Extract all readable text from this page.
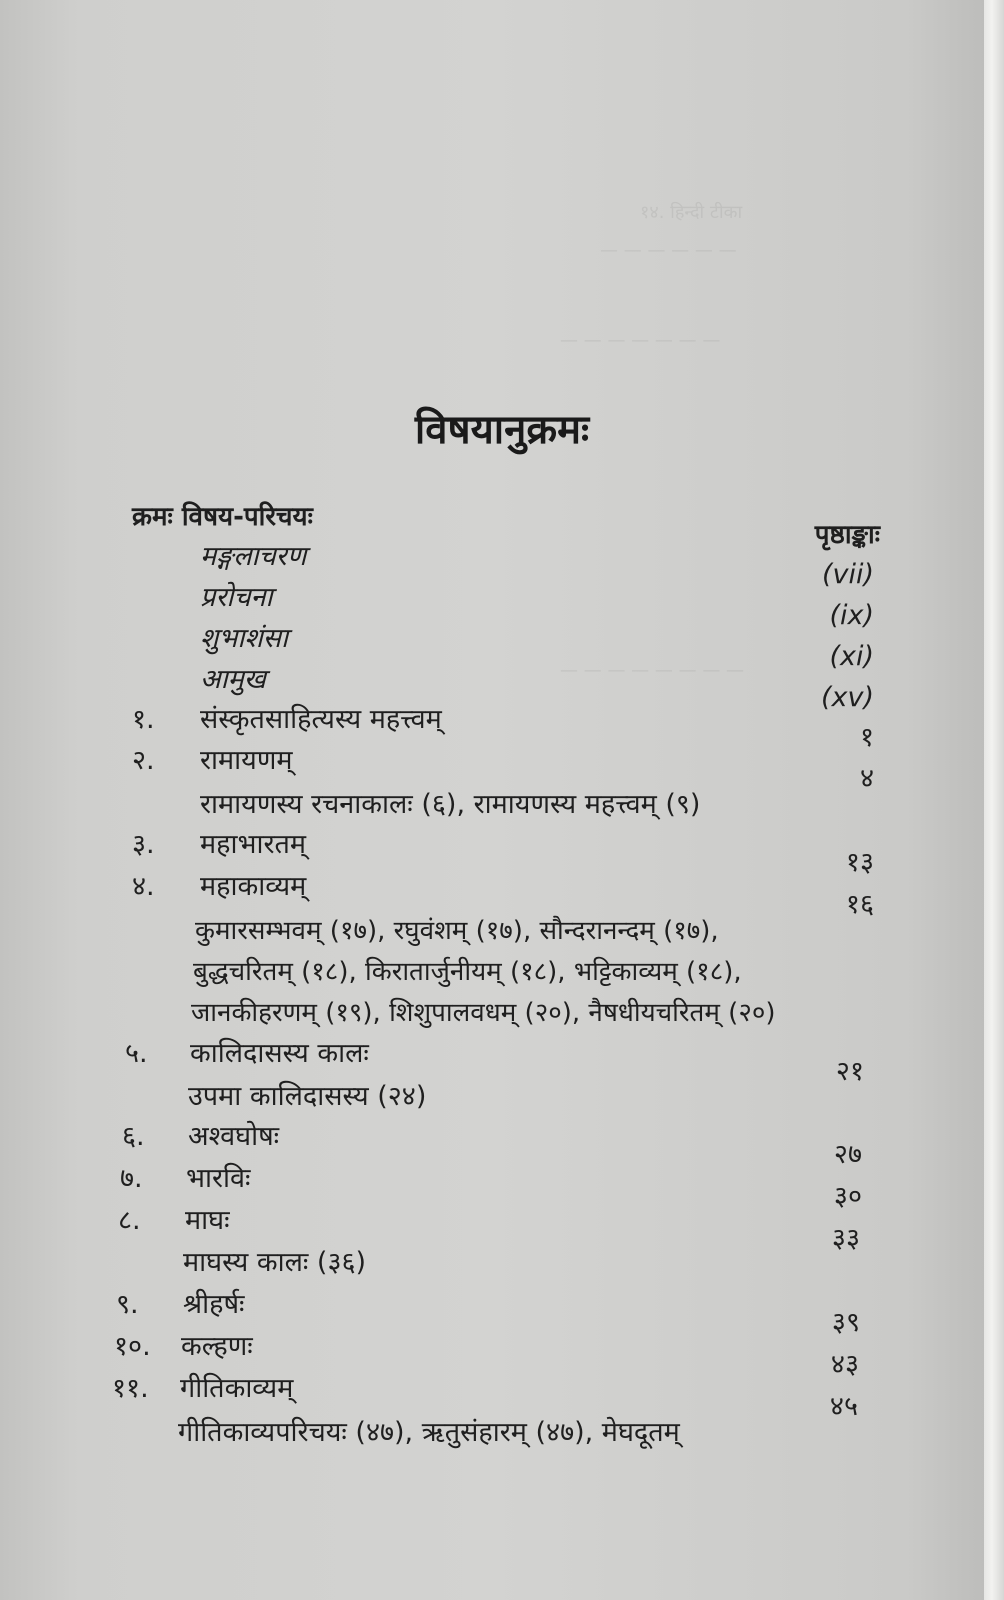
१४. हिन्दी टीका
— — — — — —
— — — — — — —
— — — — — — — —
विषयानुक्रमः
क्रमः विषय-परिचयः
पृष्ठाङ्काः
मङ्गलाचरण
(vii)
प्ररोचना
(ix)
शुभाशंसा
(xi)
आमुख
(xv)
१. संस्कृतसाहित्यस्य महत्त्वम्
१
२. रामायणम्
४
रामायणस्य रचनाकालः (६), रामायणस्य महत्त्वम् (९)
३. महाभारतम्
१३
४. महाकाव्यम्
१६
कुमारसम्भवम् (१७), रघुवंशम् (१७), सौन्दरानन्दम् (१७),
बुद्धचरितम् (१८), किरातार्जुनीयम् (१८), भट्टिकाव्यम् (१८),
जानकीहरणम् (१९), शिशुपालवधम् (२०), नैषधीयचरितम् (२०)
५. कालिदासस्य कालः
२१
उपमा कालिदासस्य (२४)
६. अश्वघोषः
२७
७. भारविः
३०
८. माघः
३३
माघस्य कालः (३६)
९. श्रीहर्षः
३९
१०. कल्हणः
४३
११. गीतिकाव्यम्
४५
गीतिकाव्यपरिचयः (४७), ऋतुसंहारम् (४७), मेघदूतम्
